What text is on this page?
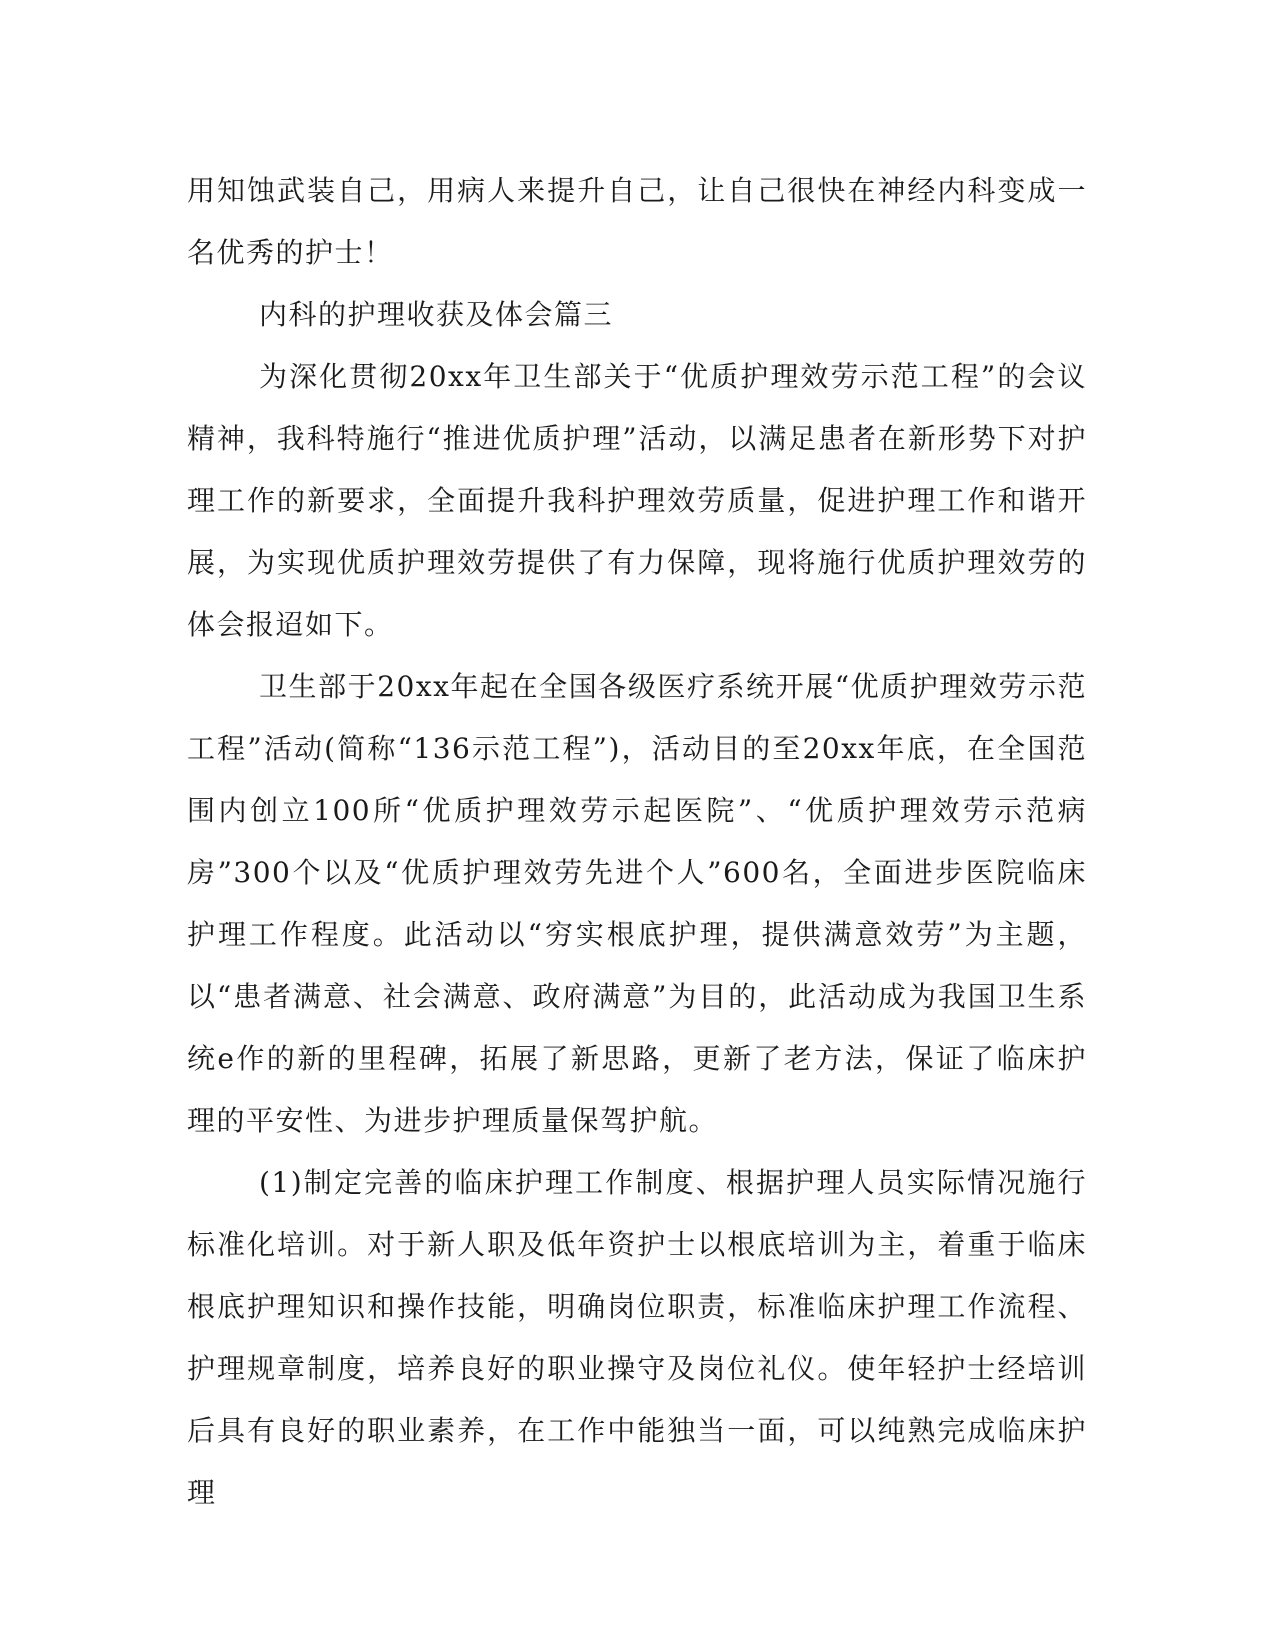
用知蚀武装自己，用病人来提升自己，让自己很快在神经内科变成一名优秀的护士！

内科的护理收获及体会篇三

为深化贯彻20xx年卫生部关于“优质护理效劳示范工程”的会议精神，我科特施行“推进优质护理”活动，以满足患者在新形势下对护理工作的新要求，全面提升我科护理效劳质量，促进护理工作和谐开展，为实现优质护理效劳提供了有力保障，现将施行优质护理效劳的体会报迢如下。

卫生部于20xx年起在全国各级医疗系统开展“优质护理效劳示范工程”活动(简称“136示范工程”)，活动目的至20xx年底，在全国范围内创立100所“优质护理效劳示起医院”、“优质护理效劳示范病房”300个以及“优质护理效劳先进个人”600名，全面进步医院临床护理工作程度。此活动以“穷实根底护理，提供满意效劳”为主题，以“患者满意、社会满意、政府满意”为目的，此活动成为我国卫生系统e作的新的里程碑，拓展了新思路，更新了老方法，保证了临床护理的平安性、为进步护理质量保驾护航。

(1)制定完善的临床护理工作制度、根据护理人员实际情况施行标准化培训。对于新人职及低年资护士以根底培训为主，着重于临床根底护理知识和操作技能，明确岗位职责，标准临床护理工作流程、护理规章制度，培养良好的职业操守及岗位礼仪。使年轻护士经培训后具有良好的职业素养，在工作中能独当一面，可以纯熟完成临床护理
